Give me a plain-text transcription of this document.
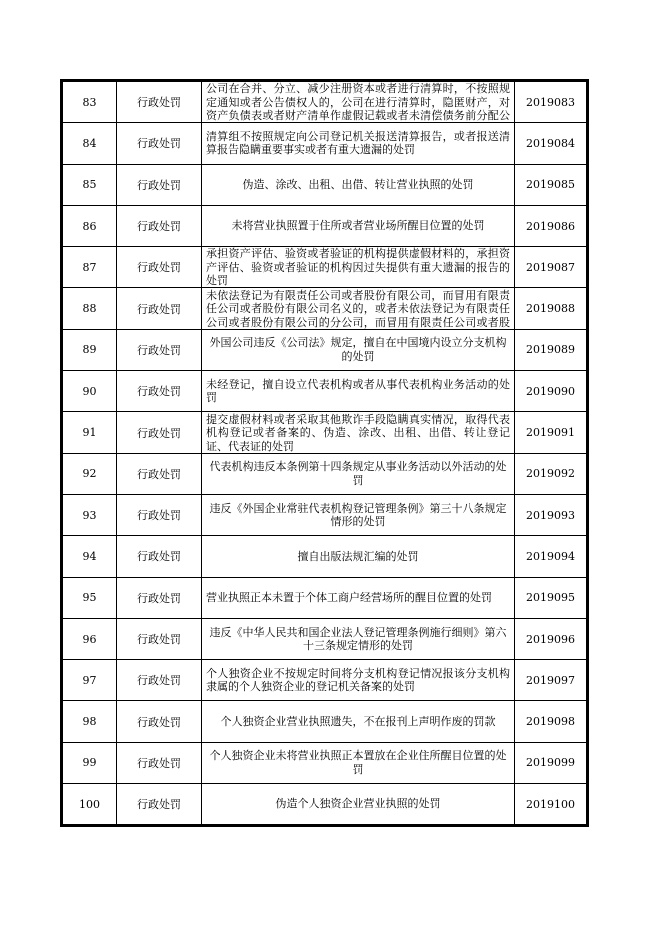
83	行政处罚	公司在合并、分立、减少注册资本或者进行清算时，不按照规定通知或者公告债权人的，公司在进行清算时，隐匿财产，对资产负债表或者财产清单作虚假记载或者未清偿债务前分配公	2019083
84	行政处罚	清算组不按照规定向公司登记机关报送清算报告，或者报送清算报告隐瞒重要事实或者有重大遗漏的处罚	2019084
85	行政处罚	伪造、涂改、出租、出借、转让营业执照的处罚	2019085
86	行政处罚	未将营业执照置于住所或者营业场所醒目位置的处罚	2019086
87	行政处罚	承担资产评估、验资或者验证的机构提供虚假材料的，承担资产评估、验资或者验证的机构因过失提供有重大遗漏的报告的处罚	2019087
88	行政处罚	未依法登记为有限责任公司或者股份有限公司，而冒用有限责任公司或者股份有限公司名义的，或者未依法登记为有限责任公司或者股份有限公司的分公司，而冒用有限责任公司或者股	2019088
89	行政处罚	外国公司违反《公司法》规定，擅自在中国境内设立分支机构的处罚	2019089
90	行政处罚	未经登记，擅自设立代表机构或者从事代表机构业务活动的处罚	2019090
91	行政处罚	提交虚假材料或者采取其他欺诈手段隐瞒真实情况，取得代表机构登记或者备案的、伪造、涂改、出租、出借、转让登记证、代表证的处罚	2019091
92	行政处罚	代表机构违反本条例第十四条规定从事业务活动以外活动的处罚	2019092
93	行政处罚	违反《外国企业常驻代表机构登记管理条例》第三十八条规定情形的处罚	2019093
94	行政处罚	擅自出版法规汇编的处罚	2019094
95	行政处罚	营业执照正本未置于个体工商户经营场所的醒目位置的处罚	2019095
96	行政处罚	违反《中华人民共和国企业法人登记管理条例施行细则》第六十三条规定情形的处罚	2019096
97	行政处罚	个人独资企业不按规定时间将分支机构登记情况报该分支机构隶属的个人独资企业的登记机关备案的处罚	2019097
98	行政处罚	个人独资企业营业执照遗失，不在报刊上声明作废的罚款	2019098
99	行政处罚	个人独资企业未将营业执照正本置放在企业住所醒目位置的处罚	2019099
100	行政处罚	伪造个人独资企业营业执照的处罚	2019100
